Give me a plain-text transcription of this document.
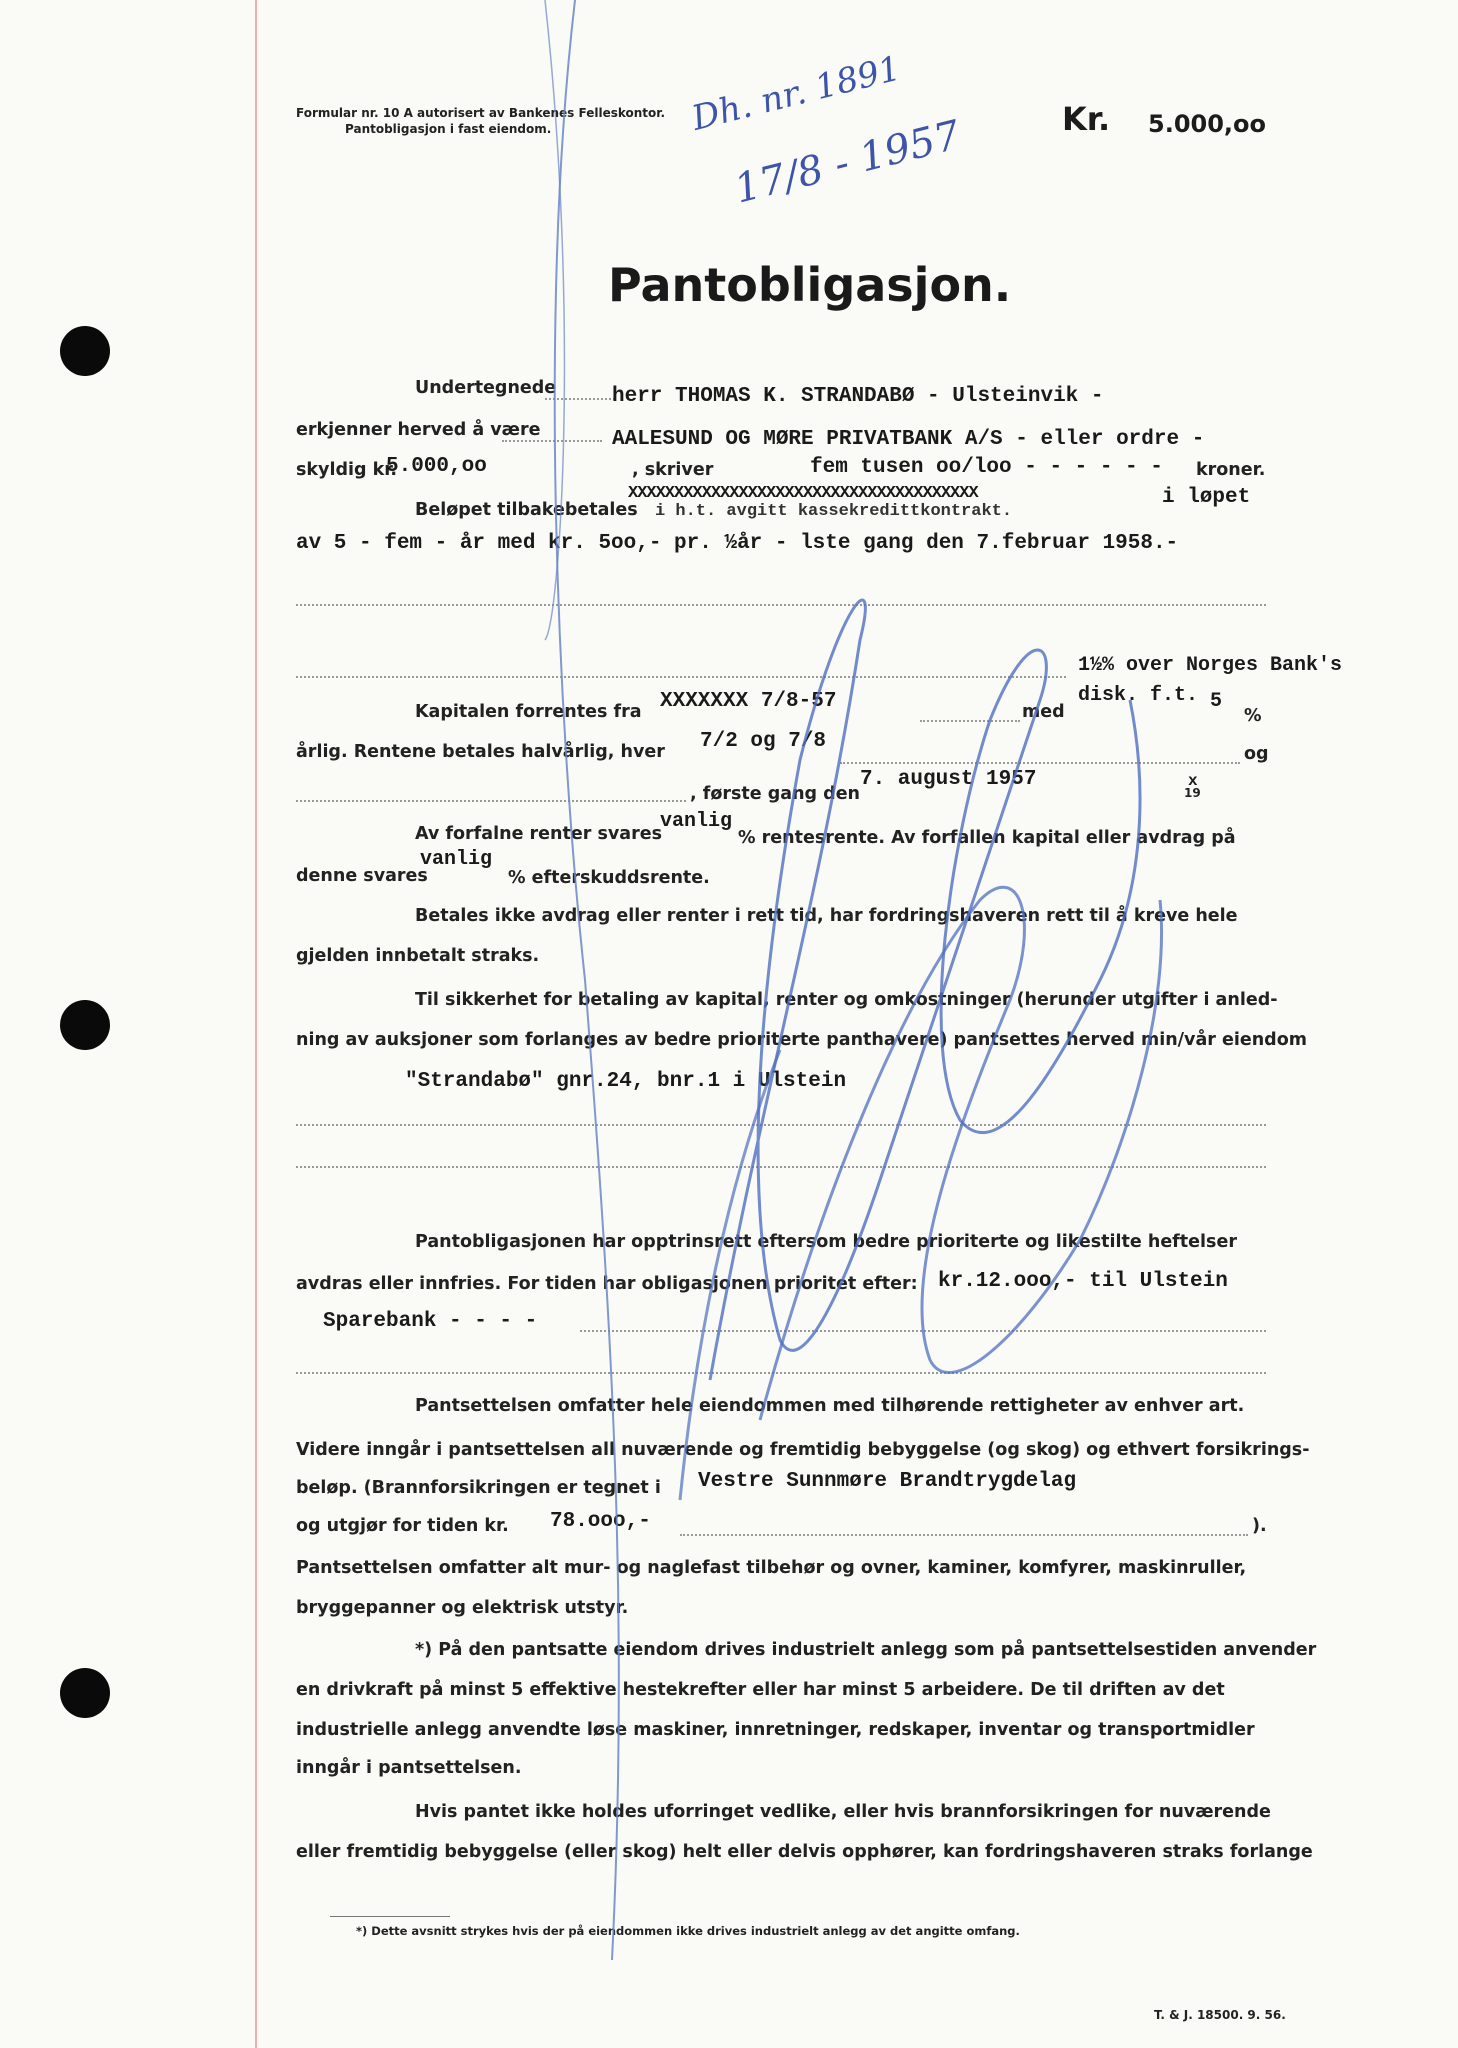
Formular nr. 10 A autorisert av Bankenes Felleskontor.
Pantobligasjon i fast eiendom.	Dh. nr. 1891
17/8 - 1957	Kr. 5.000,oo
Pantobligasjon.
Undertegnede	herr THOMAS K. STRANDABØ - Ulsteinvik -
erkjenner herved å være	AALESUND OG MØRE PRIVATBANK A/S - eller ordre -
skyldig kr.
5.000,oo	, skriver	fem tusen oo/loo - - - - - - kroner.
Beløpet tilbakebetales
XXXXXXXXXXXXXXXXXXXXXXXXXXXXXXXXXXXXXX
i h.t. avgitt kassekredittkontrakt.
i løpet
av 5 - fem - år med kr. 5oo,- pr. ½år - lste gang den 7.februar 1958.-
1½% over Norges Bank's
Kapitalen forrentes fra XXXXXXX 7/8-57	med
disk. f.t. 5
%
årlig. Rentene betales halvårlig, hver 7/2 og 7/8
og
, første gang den
7. august 1957
19
x
Av forfalne renter svares
vanlig
% rentesrente. Av forfallen kapital eller avdrag på
denne svares
vanlig
% efterskuddsrente.
Betales ikke avdrag eller renter i rett tid, har fordringshaveren rett til å kreve hele
gjelden innbetalt straks.
Til sikkerhet for betaling av kapital, renter og omkostninger (herunder utgifter i anled-
ning av auksjoner som forlanges av bedre prioriterte panthavere) pantsettes herved min/vår eiendom
"Strandabø" gnr.24, bnr.1 i Ulstein
Pantobligasjonen har opptrinsrett eftersom bedre prioriterte og likestilte heftelser
avdras eller innfries. For tiden har obligasjonen prioritet efter: kr.12.ooo,- til Ulstein
Sparebank - - - -
Pantsettelsen omfatter hele eiendommen med tilhørende rettigheter av enhver art.
Videre inngår i pantsettelsen all nuværende og fremtidig bebyggelse (og skog) og ethvert forsikrings-
beløp. (Brannforsikringen er tegnet i Vestre Sunnmøre Brandtrygdelag
og utgjør for tiden kr. 78.ooo,-	).
Pantsettelsen omfatter alt mur- og naglefast tilbehør og ovner, kaminer, komfyrer, maskinruller,
bryggepanner og elektrisk utstyr.
*) På den pantsatte eiendom drives industrielt anlegg som på pantsettelsestiden anvender
en drivkraft på minst 5 effektive hestekrefter eller har minst 5 arbeidere. De til driften av det
industrielle anlegg anvendte løse maskiner, innretninger, redskaper, inventar og transportmidler
inngår i pantsettelsen.
Hvis pantet ikke holdes uforringet vedlike, eller hvis brannforsikringen for nuværende
eller fremtidig bebyggelse (eller skog) helt eller delvis opphører, kan fordringshaveren straks forlange
*) Dette avsnitt strykes hvis der på eiendommen ikke drives industrielt anlegg av det angitte omfang.
T. & J. 18500. 9. 56.
